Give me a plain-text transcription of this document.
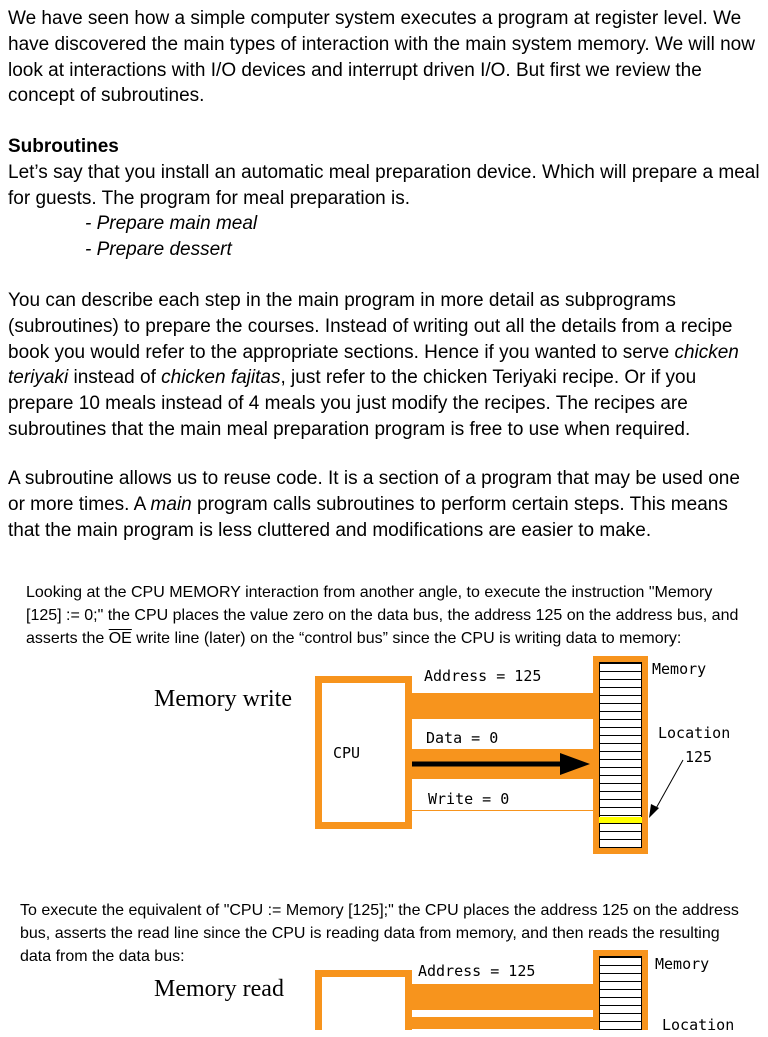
We have seen how a simple computer system executes a program at register level. We have discovered the main types of interaction with the main system memory. We will now look at interactions with I/O devices and interrupt driven I/O. But first we review the concept of subroutines.

Subroutines
Let’s say that you install an automatic meal preparation device. Which will prepare a meal for guests. The program for meal preparation is.
- Prepare main meal
- Prepare dessert

You can describe each step in the main program in more detail as subprograms (subroutines) to prepare the courses. Instead of writing out all the details from a recipe book you would refer to the appropriate sections. Hence if you wanted to serve chicken teriyaki instead of chicken fajitas, just refer to the chicken Teriyaki recipe. Or if you prepare 10 meals instead of 4 meals you just modify the recipes. The recipes are subroutines that the main meal preparation program is free to use when required.

A subroutine allows us to reuse code. It is a section of a program that may be used one or more times. A main program calls subroutines to perform certain steps. This means that the main program is less cluttered and modifications are easier to make.

Looking at the CPU MEMORY interaction from another angle, to execute the instruction "Memory [125] := 0;" the CPU places the value zero on the data bus, the address 125 on the address bus, and asserts the $\overline{OE}$ write line (later) on the “control bus” since the CPU is writing data to memory:

Memory write
CPU
Address = 125
Data = 0
Write = 0
Memory
Location
125

To execute the equivalent of "CPU := Memory [125];" the CPU places the address 125 on the address bus, asserts the read line since the CPU is reading data from memory, and then reads the resulting data from the data bus:

Memory read
Address = 125	Memory
Location
